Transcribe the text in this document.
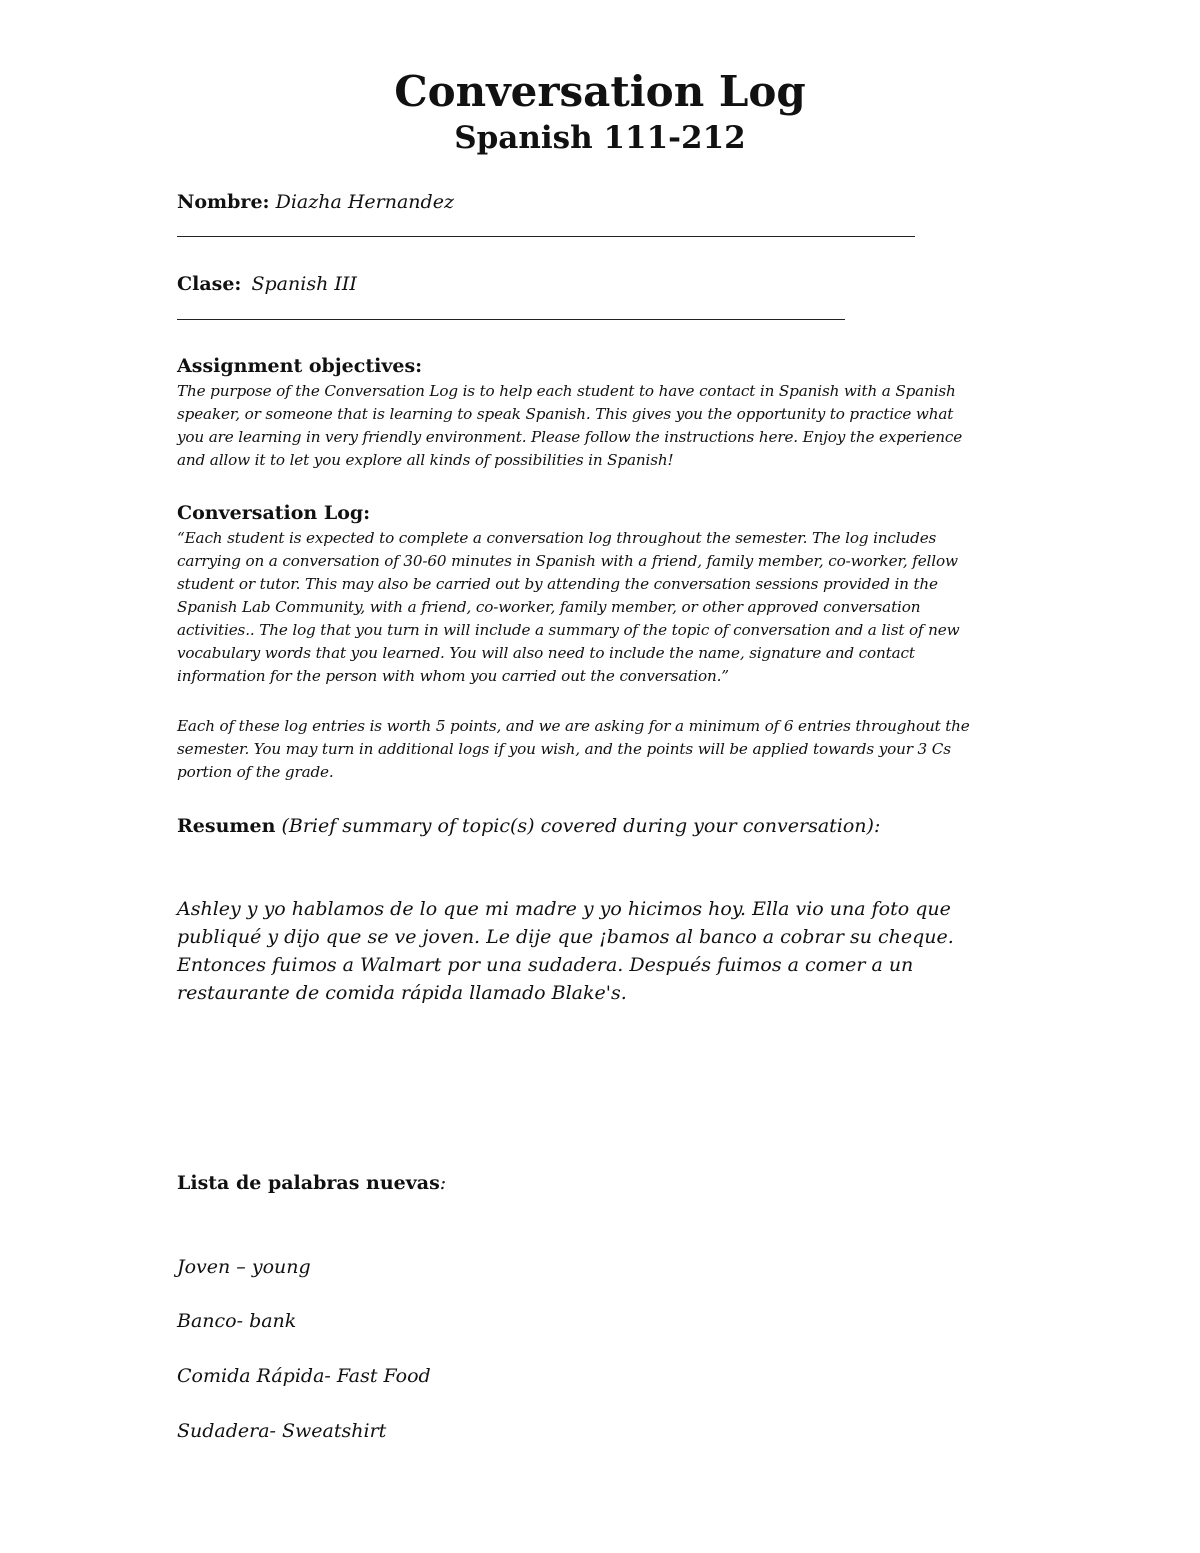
Conversation Log
Spanish 111-212
Nombre: Diazha Hernandez
Clase: Spanish III
Assignment objectives:

The purpose of the Conversation Log is to help each student to have contact in Spanish with a Spanish

speaker, or someone that is learning to speak Spanish. This gives you the opportunity to practice what

you are learning in very friendly environment. Please follow the instructions here. Enjoy the experience

and allow it to let you explore all kinds of possibilities in Spanish!

Conversation Log:

“Each student is expected to complete a conversation log throughout the semester. The log includes

carrying on a conversation of 30-60 minutes in Spanish with a friend, family member, co-worker, fellow

student or tutor. This may also be carried out by attending the conversation sessions provided in the

Spanish Lab Community, with a friend, co-worker, family member, or other approved conversation

activities.. The log that you turn in will include a summary of the topic of conversation and a list of new

vocabulary words that you learned. You will also need to include the name, signature and contact

information for the person with whom you carried out the conversation.”

Each of these log entries is worth 5 points, and we are asking for a minimum of 6 entries throughout the

semester. You may turn in additional logs if you wish, and the points will be applied towards your 3 Cs

portion of the grade.

Resumen (Brief summary of topic(s) covered during your conversation):

Ashley y yo hablamos de lo que mi madre y yo hicimos hoy. Ella vio una foto que

publiqué y dijo que se ve joven. Le dije que ¡bamos al banco a cobrar su cheque.

Entonces fuimos a Walmart por una sudadera. Después fuimos a comer a un

restaurante de comida rápida llamado Blake's.

Lista de palabras nuevas:
Joven – young
Banco- bank
Comida Rápida- Fast Food
Sudadera- Sweatshirt
